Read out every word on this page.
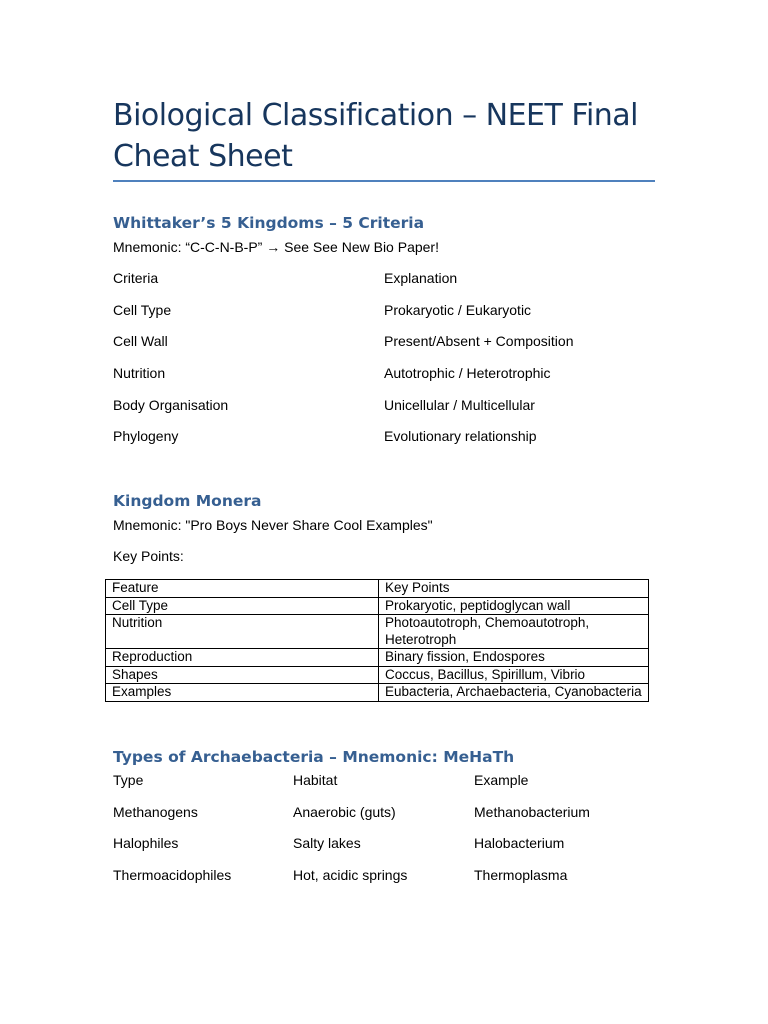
Biological Classification – NEET Final Cheat Sheet
Whittaker’s 5 Kingdoms – 5 Criteria
Mnemonic: “C-C-N-B-P” → See See New Bio Paper!
Criteria	Explanation
Cell Type	Prokaryotic / Eukaryotic
Cell Wall	Present/Absent + Composition
Nutrition	Autotrophic / Heterotrophic
Body Organisation	Unicellular / Multicellular
Phylogeny	Evolutionary relationship
Kingdom Monera
Mnemonic: "Pro Boys Never Share Cool Examples"
Key Points:
Feature	Key Points
Cell Type	Prokaryotic, peptidoglycan wall
Nutrition	Photoautotroph, Chemoautotroph, Heterotroph
Reproduction	Binary fission, Endospores
Shapes	Coccus, Bacillus, Spirillum, Vibrio
Examples	Eubacteria, Archaebacteria, Cyanobacteria
Types of Archaebacteria – Mnemonic: MeHaTh
Type	Habitat	Example
Methanogens	Anaerobic (guts)	Methanobacterium
Halophiles	Salty lakes	Halobacterium
Thermoacidophiles	Hot, acidic springs	Thermoplasma
